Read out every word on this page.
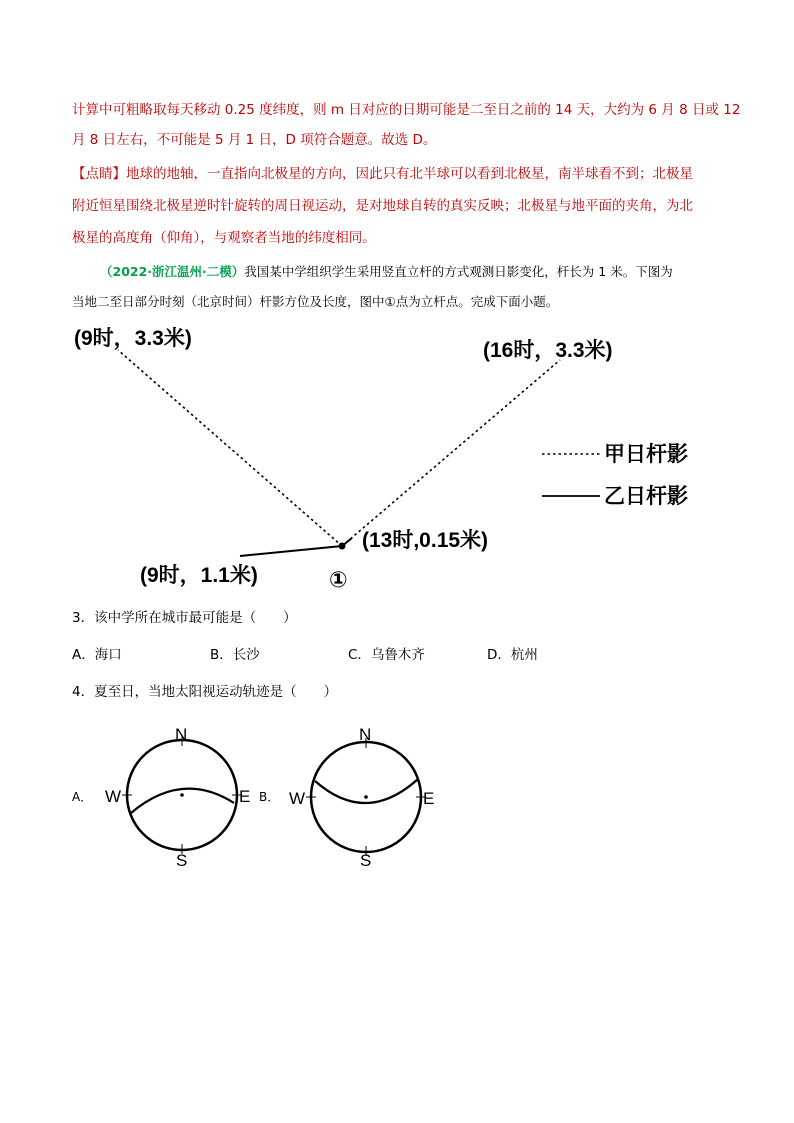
计算中可粗略取每天移动 0.25 度纬度，则 m 日对应的日期可能是二至日之前的 14 天，大约为 6 月 8 日或 12
月 8 日左右，不可能是 5 月 1 日，D 项符合题意。故选 D。
【点睛】地球的地轴，一直指向北极星的方向，因此只有北半球可以看到北极星，南半球看不到；北极星
附近恒星围绕北极星逆时针旋转的周日视运动，是对地球自转的真实反映；北极星与地平面的夹角，为北
极星的高度角（仰角），与观察者当地的纬度相同。
（2022·浙江温州·二模）我国某中学组织学生采用竖直立杆的方式观测日影变化，杆长为 1 米。下图为
当地二至日部分时刻（北京时间）杆影方位及长度，图中①点为立杆点。完成下面小题。
(9时，3.3米)
(16时，3.3米)
(13时,0.15米)
(9时，1.1米)	①
甲日杆影
乙日杆影
3．该中学所在城市最可能是（　　）
A．海口	B．长沙	C．乌鲁木齐	D．杭州
4．夏至日，当地太阳视运动轨迹是（　　）
A．	B．
N
S
W	E
N
S
W	E
